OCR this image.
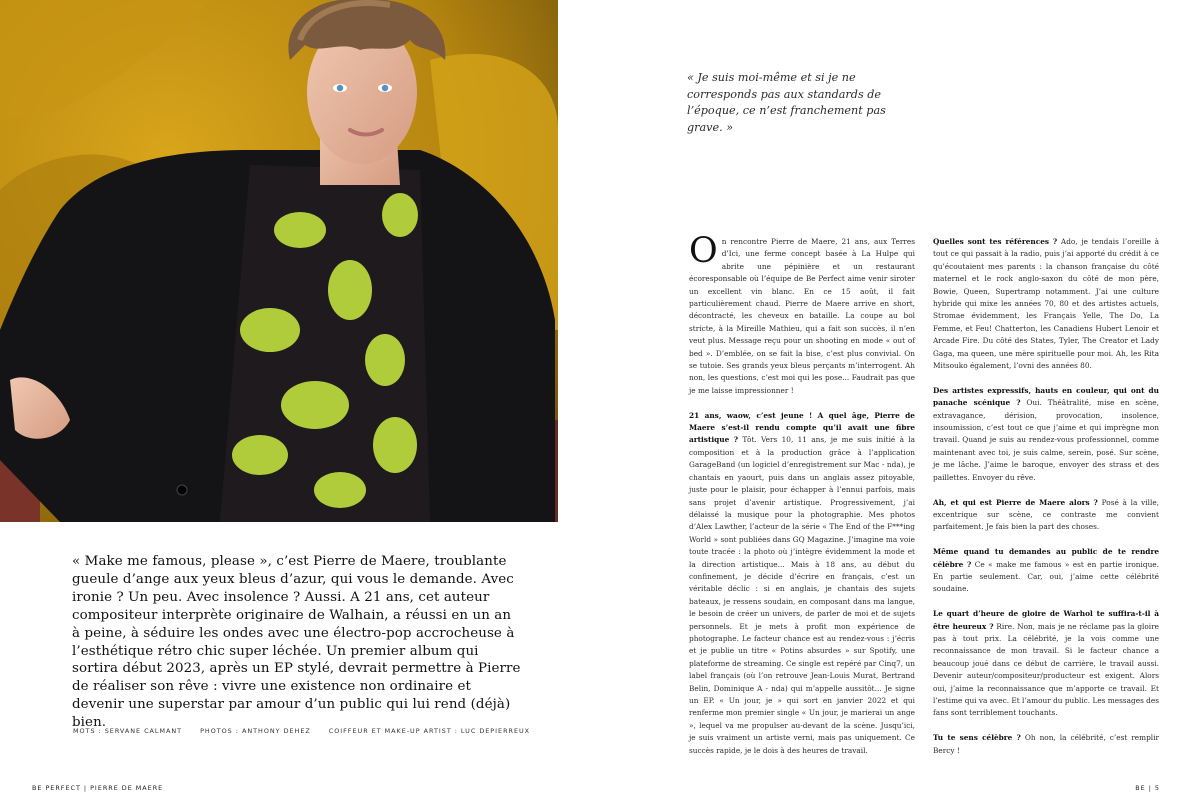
« Make me famous, please », c’est Pierre de Maere, troublante gueule d’ange aux yeux bleus d’azur, qui vous le demande. Avec ironie ? Un peu. Avec insolence ? Aussi. A 21 ans, cet auteur compositeur interprète originaire de Walhain, a réussi en un an à peine, à séduire les ondes avec une électro-pop accrocheuse à l’esthétique rétro chic super léchée. Un premier album qui sortira début 2023, après un EP stylé, devrait permettre à Pierre de réaliser son rêve : vivre une existence non ordinaire et devenir une superstar par amour d’un public qui lui rend (déjà) bien.
MOTS : SERVANE CALMANT	PHOTOS : ANTHONY DEHEZ	COIFFEUR ET MAKE-UP ARTIST : LUC DEPIERREUX
BE PERFECT | PIERRE DE MAERE	BE | 5
« Je suis moi-même et si je ne corresponds pas aux standards de l’époque, ce n’est franchement pas grave. »

On rencontre Pierre de Maere, 21 ans, aux Terres d’Ici, une ferme concept basée à La Hulpe qui abrite une pépinière et un restaurant écoresponsable où l’équipe de Be Perfect aime venir siroter un excellent vin blanc. En ce 15 août, il fait particulièrement chaud. Pierre de Maere arrive en short, décontracté, les cheveux en bataille. La coupe au bol stricte, à la Mireille Mathieu, qui a fait son succès, il n’en veut plus. Message reçu pour un shooting en mode « out of bed ». D’emblée, on se fait la bise, c’est plus convivial. On se tutoie. Ses grands yeux bleus perçants m’interrogent. Ah non, les questions, c’est moi qui les pose... Faudrait pas que je me laisse impressionner !

21 ans, waow, c’est jeune ! A quel âge, Pierre de Maere s’est-il rendu compte qu’il avait une fibre artistique ? Tôt. Vers 10, 11 ans, je me suis initié à la composition et à la production grâce à l’application GarageBand (un logiciel d’enregistrement sur Mac - nda), je chantais en yaourt, puis dans un anglais assez pitoyable, juste pour le plaisir, pour échapper à l’ennui parfois, mais sans projet d’avenir artistique. Progressivement, j’ai délaissé la musique pour la photographie. Mes photos d’Alex Lawther, l’acteur de la série « The End of the F***ing World » sont publiées dans GQ Magazine. J’imagine ma voie toute tracée : la photo où j’intègre évidemment la mode et la direction artistique... Mais à 18 ans, au début du confinement, je décide d’écrire en français, c’est un véritable déclic : si en anglais, je chantais des sujets bateaux, je ressens soudain, en composant dans ma langue, le besoin de créer un univers, de parler de moi et de sujets personnels. Et je mets à profit mon expérience de photographe. Le facteur chance est au rendez-vous : j’écris et je publie un titre « Potins absurdes » sur Spotify, une plateforme de streaming. Ce single est repéré par Cinq7, un label français (où l’on retrouve Jean-Louis Murat, Bertrand Belin, Dominique A - nda) qui m’appelle aussitôt... Je signe un EP. « Un jour, je » qui sort en janvier 2022 et qui renferme mon premier single « Un jour, je marierai un ange », lequel va me propulser au-devant de la scène. Jusqu’ici, je suis vraiment un artiste verni, mais pas uniquement. Ce succès rapide, je le dois à des heures de travail.

Quelles sont tes références ? Ado, je tendais l’oreille à tout ce qui passait à la radio, puis j’ai apporté du crédit à ce qu’écoutaient mes parents : la chanson française du côté maternel et le rock anglo-saxon du côté de mon père, Bowie, Queen, Supertramp notamment. J’ai une culture hybride qui mixe les années 70, 80 et des artistes actuels, Stromae évidemment, les Français Yelle, The Do, La Femme, et Feu! Chatterton, les Canadiens Hubert Lenoir et Arcade Fire. Du côté des States, Tyler, The Creator et Lady Gaga, ma queen, une mère spirituelle pour moi. Ah, les Rita Mitsouko également, l’ovni des années 80.

Des artistes expressifs, hauts en couleur, qui ont du panache scénique ? Oui. Théâtralité, mise en scène, extravagance, dérision, provocation, insolence, insoumission, c’est tout ce que j’aime et qui imprègne mon travail. Quand je suis au rendez-vous professionnel, comme maintenant avec toi, je suis calme, serein, posé. Sur scène, je me lâche. J’aime le baroque, envoyer des strass et des paillettes. Envoyer du rêve.

Ah, et qui est Pierre de Maere alors ? Posé à la ville, excentrique sur scène, ce contraste me convient parfaitement. Je fais bien la part des choses.

Même quand tu demandes au public de te rendre célèbre ? Ce « make me famous » est en partie ironique. En partie seulement. Car, oui, j’aime cette célébrité soudaine.

Le quart d’heure de gloire de Warhol te suffira-t-il à être heureux ? Rire. Non, mais je ne réclame pas la gloire pas à tout prix. La célébrité, je la vois comme une reconnaissance de mon travail. Si le facteur chance a beaucoup joué dans ce début de carrière, le travail aussi. Devenir auteur/compositeur/producteur est exigent. Alors oui, j’aime la reconnaissance que m’apporte ce travail. Et l’estime qui va avec. Et l’amour du public. Les messages des fans sont terriblement touchants.

Tu te sens célèbre ? Oh non, la célébrité, c’est remplir Bercy !
